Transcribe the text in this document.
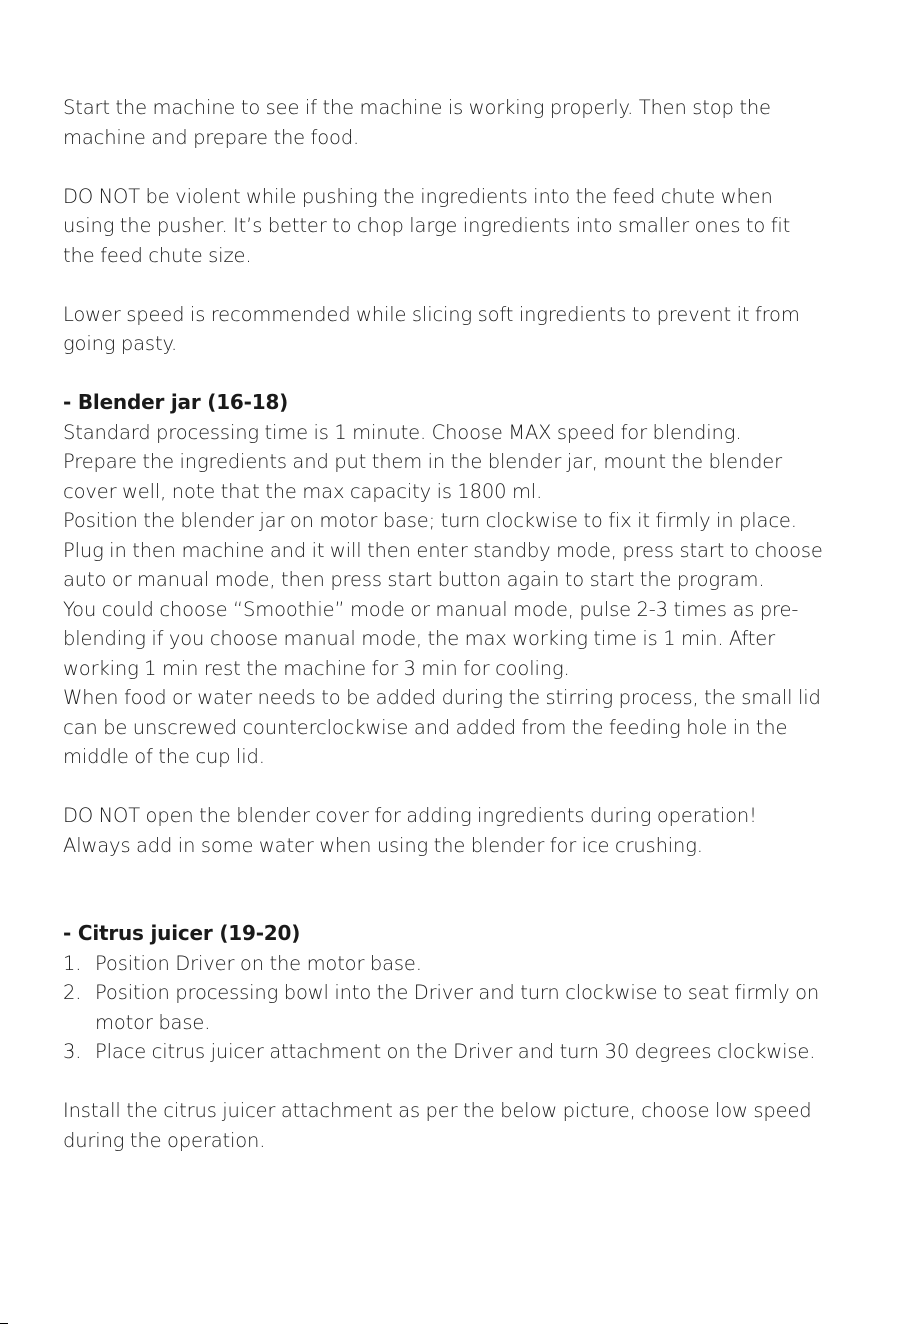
Start the machine to see if the machine is working properly. Then stop the
machine and prepare the food.

DO NOT be violent while pushing the ingredients into the feed chute when
using the pusher. It’s better to chop large ingredients into smaller ones to fit
the feed chute size.

Lower speed is recommended while slicing soft ingredients to prevent it from
going pasty.

- Blender jar (16-18)

Standard processing time is 1 minute. Choose MAX speed for blending.
Prepare the ingredients and put them in the blender jar, mount the blender
cover well, note that the max capacity is 1800 ml.
Position the blender jar on motor base; turn clockwise to fix it firmly in place.
Plug in then machine and it will then enter standby mode, press start to choose
auto or manual mode, then press start button again to start the program.
You could choose “Smoothie” mode or manual mode, pulse 2-3 times as pre-
blending if you choose manual mode, the max working time is 1 min. After
working 1 min rest the machine for 3 min for cooling.
When food or water needs to be added during the stirring process, the small lid
can be unscrewed counterclockwise and added from the feeding hole in the
middle of the cup lid.

DO NOT open the blender cover for adding ingredients during operation!
Always add in some water when using the blender for ice crushing.

- Citrus juicer (19-20)
1. Position Driver on the motor base.
2. Position processing bowl into the Driver and turn clockwise to seat firmly on
motor base.
3. Place citrus juicer attachment on the Driver and turn 30 degrees clockwise.

Install the citrus juicer attachment as per the below picture, choose low speed
during the operation.
